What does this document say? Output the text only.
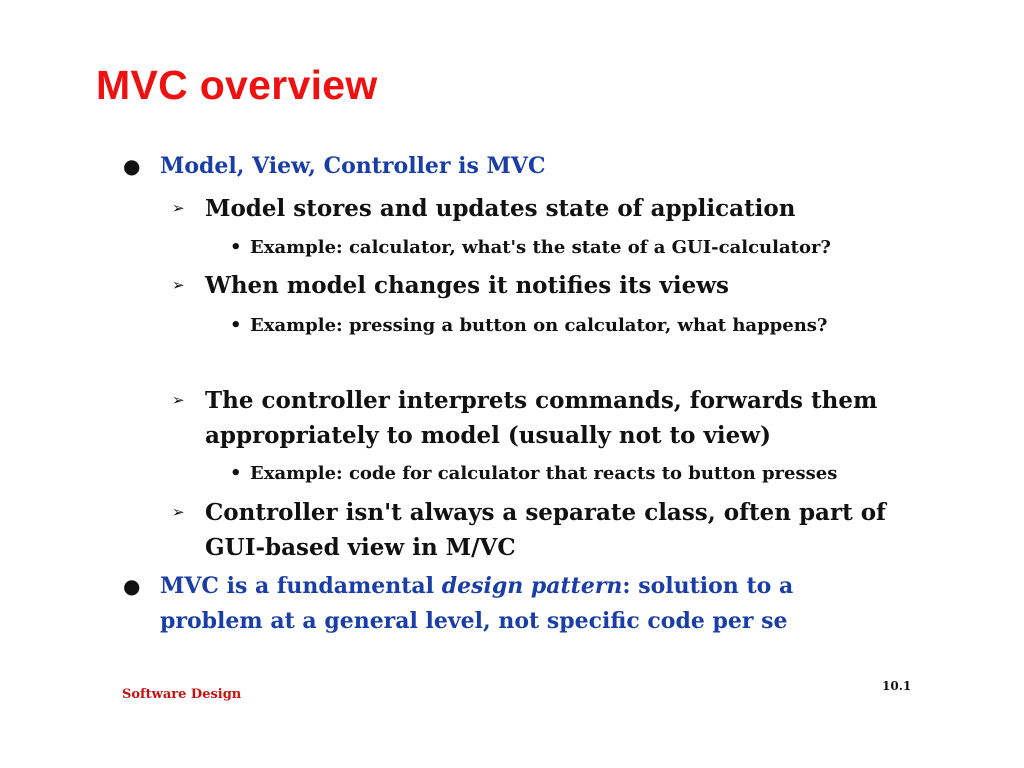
MVC overview
● Model, View, Controller is MVC
➢ Model stores and updates state of application
• Example: calculator, what's the state of a GUI-calculator?
➢ When model changes it notifies its views
• Example: pressing a button on calculator, what happens?
➢ The controller interprets commands, forwards them
appropriately to model (usually not to view)
• Example: code for calculator that reacts to button presses
➢ Controller isn't always a separate class, often part of
GUI-based view in M/VC
● MVC is a fundamental design pattern: solution to a
problem at a general level, not specific code per se
Software Design
10.1
